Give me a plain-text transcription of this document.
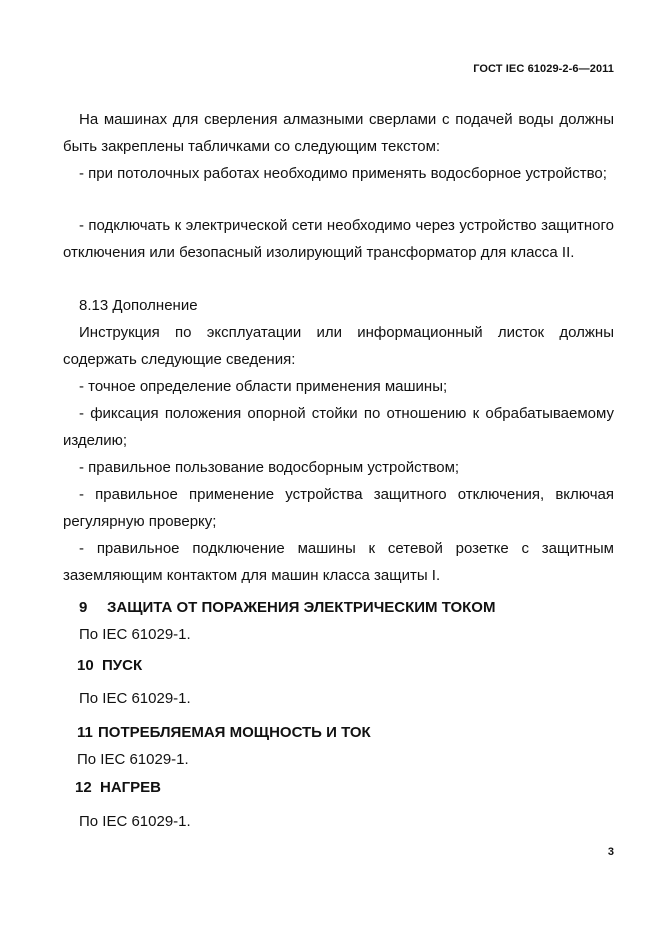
ГОСТ IEC 61029-2-6—2011

На машинах для сверления алмазными сверлами с подачей воды должны быть закреплены табличками со следующим текстом:

- при потолочных работах необходимо применять водосборное устройство;

- подключать к электрической сети необходимо через устройство защитного отключения или безопасный изолирующий трансформатор для класса II.

8.13 Дополнение

Инструкция по эксплуатации или информационный листок должны содержать следующие сведения:

- точное определение области применения машины;

- фиксация положения опорной стойки по отношению к обрабатываемому изделию;

- правильное пользование водосборным устройством;

- правильное применение устройства защитного отключения, включая регулярную проверку;

- правильное подключение машины к сетевой розетке с защитным заземляющим контактом для машин класса защиты I.

9 ЗАЩИТА ОТ ПОРАЖЕНИЯ ЭЛЕКТРИЧЕСКИМ ТОКОМ

По IEC 61029-1.

10 ПУСК

По IEC 61029-1.

11 ПОТРЕБЛЯЕМАЯ МОЩНОСТЬ И ТОК

По IEC 61029-1.

12 НАГРЕВ

По IEC 61029-1.

3
